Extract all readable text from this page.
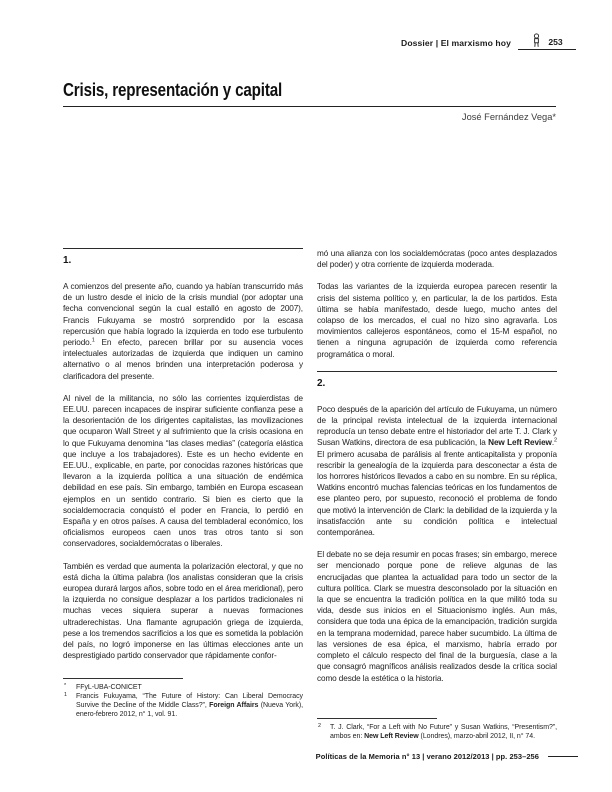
Dossier | El marxismo hoy	253
Crisis, representación y capital
José Fernández Vega*
1.

A comienzos del presente año, cuando ya habían transcurrido más de un lustro desde el inicio de la crisis mundial (por adoptar una fecha convencional según la cual estalló en agosto de 2007), Francis Fukuyama se mostró sorprendido por la escasa repercusión que había logrado la izquierda en todo ese turbulento periodo.$^1$ En efecto, parecen brillar por su ausencia voces intelectuales autorizadas de izquierda que indiquen un camino alternativo o al menos brinden una interpretación poderosa y clarificadora del presente.

Al nivel de la militancia, no sólo las corrientes izquierdistas de EE.UU. parecen incapaces de inspirar suficiente confianza pese a la desorientación de los dirigentes capitalistas, las movilizaciones que ocuparon Wall Street y al sufrimiento que la crisis ocasiona en lo que Fukuyama denomina “las clases medias” (categoría elástica que incluye a los trabajadores). Este es un hecho evidente en EE.UU., explicable, en parte, por conocidas razones históricas que llevaron a la izquierda política a una situación de endémica debilidad en ese país. Sin embargo, también en Europa escasean ejemplos en un sentido contrario. Si bien es cierto que la socialdemocracia conquistó el poder en Francia, lo perdió en España y en otros países. A causa del tembladeral económico, los oficialismos europeos caen unos tras otros tanto si son conservadores, socialdemócratas o liberales.

También es verdad que aumenta la polarización electoral, y que no está dicha la última palabra (los analistas consideran que la crisis europea durará largos años, sobre todo en el área meridional), pero la izquierda no consigue desplazar a los partidos tradicionales ni muchas veces siquiera superar a nuevas formaciones ultraderechistas. Una flamante agrupación griega de izquierda, pese a los tremendos sacrificios a los que es sometida la población del país, no logró imponerse en las últimas elecciones ante un desprestigiado partido conservador que rápidamente confor-

* FFyL-UBA-CONICET
1 Francis Fukuyama, “The Future of History: Can Liberal Democracy Survive the Decline of the Middle Class?”, Foreign Affairs (Nueva York), enero-febrero 2012, n° 1, vol. 91.

mó una alianza con los socialdemócratas (poco antes desplazados del poder) y otra corriente de izquierda moderada.

Todas las variantes de la izquierda europea parecen resentir la crisis del sistema político y, en particular, la de los partidos. Esta última se había manifestado, desde luego, mucho antes del colapso de los mercados, el cual no hizo sino agravarla. Los movimientos callejeros espontáneos, como el 15-M español, no tienen a ninguna agrupación de izquierda como referencia programática o moral.

2.

Poco después de la aparición del artículo de Fukuyama, un número de la principal revista intelectual de la izquierda internacional reproducía un tenso debate entre el historiador del arte T. J. Clark y Susan Watkins, directora de esa publicación, la New Left Review.$^2$ El primero acusaba de parálisis al frente anticapitalista y proponía rescribir la genealogía de la izquierda para desconectar a ésta de los horrores históricos llevados a cabo en su nombre. En su réplica, Watkins encontró muchas falencias teóricas en los fundamentos de ese planteo pero, por supuesto, reconoció el problema de fondo que motivó la intervención de Clark: la debilidad de la izquierda y la insatisfacción ante su condición política e intelectual contemporánea.

El debate no se deja resumir en pocas frases; sin embargo, merece ser mencionado porque pone de relieve algunas de las encrucijadas que plantea la actualidad para todo un sector de la cultura política. Clark se muestra desconsolado por la situación en la que se encuentra la tradición política en la que militó toda su vida, desde sus inicios en el Situacionismo inglés. Aun más, considera que toda una épica de la emancipación, tradición surgida en la temprana modernidad, parece haber sucumbido. La última de las versiones de esa épica, el marxismo, habría errado por completo el cálculo respecto del final de la burguesía, clase a la que consagró magníficos análisis realizados desde la crítica social como desde la estética o la historia.

2 T. J. Clark, “For a Left with No Future” y Susan Watkins, “Presentism?”, ambos en: New Left Review (Londres), marzo-abril 2012, II, n° 74.
Políticas de la Memoria n° 13 | verano 2012/2013 | pp. 253–256
